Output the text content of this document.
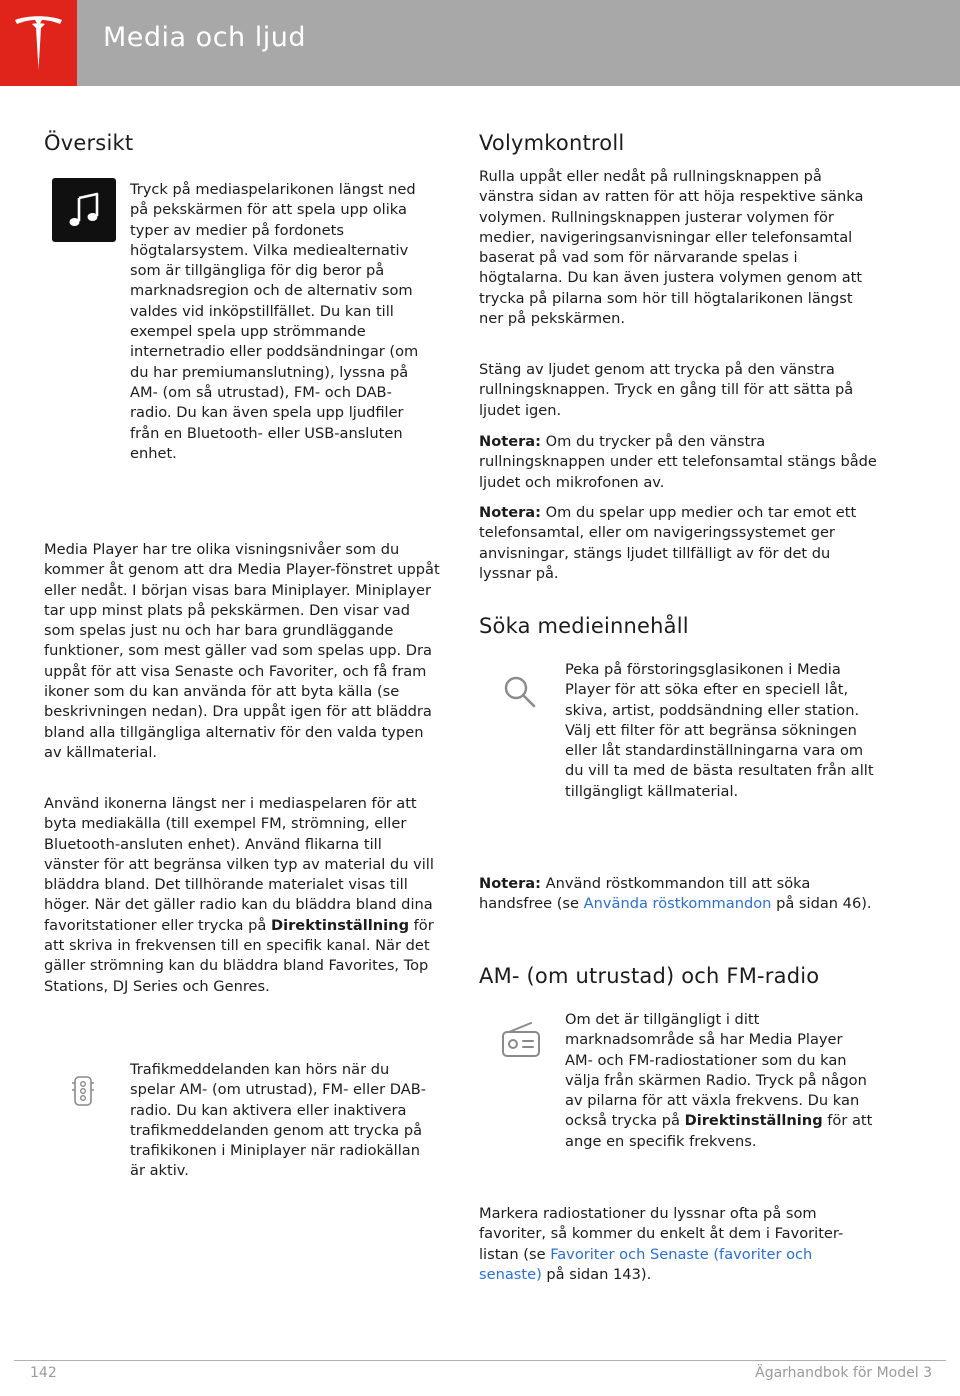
Media och ljud
Översikt

Tryck på mediaspelarikonen längst ned på pekskärmen för att spela upp olika typer av medier på fordonets högtalarsystem. Vilka mediealternativ som är tillgängliga för dig beror på marknadsregion och de alternativ som valdes vid inköpstillfället. Du kan till exempel spela upp strömmande internetradio eller poddsändningar (om du har premiumanslutning), lyssna på AM- (om så utrustad), FM- och DAB-radio. Du kan även spela upp ljudfiler från en Bluetooth- eller USB-ansluten enhet.

Media Player har tre olika visningsnivåer som du kommer åt genom att dra Media Player-fönstret uppåt eller nedåt. I början visas bara Miniplayer. Miniplayer tar upp minst plats på pekskärmen. Den visar vad som spelas just nu och har bara grundläggande funktioner, som mest gäller vad som spelas upp. Dra uppåt för att visa Senaste och Favoriter, och få fram ikoner som du kan använda för att byta källa (se beskrivningen nedan). Dra uppåt igen för att bläddra bland alla tillgängliga alternativ för den valda typen av källmaterial.

Använd ikonerna längst ner i mediaspelaren för att byta mediakälla (till exempel FM, strömning, eller Bluetooth-ansluten enhet). Använd flikarna till vänster för att begränsa vilken typ av material du vill bläddra bland. Det tillhörande materialet visas till höger. När det gäller radio kan du bläddra bland dina favoritstationer eller trycka på Direktinställning för att skriva in frekvensen till en specifik kanal. När det gäller strömning kan du bläddra bland Favorites, Top Stations, DJ Series och Genres.

Trafikmeddelanden kan hörs när du spelar AM- (om utrustad), FM- eller DAB-radio. Du kan aktivera eller inaktivera trafikmeddelanden genom att trycka på trafikikonen i Miniplayer när radiokällan är aktiv.

Volymkontroll

Rulla uppåt eller nedåt på rullningsknappen på vänstra sidan av ratten för att höja respektive sänka volymen. Rullningsknappen justerar volymen för medier, navigeringsanvisningar eller telefonsamtal baserat på vad som för närvarande spelas i högtalarna. Du kan även justera volymen genom att trycka på pilarna som hör till högtalarikonen längst ner på pekskärmen.

Stäng av ljudet genom att trycka på den vänstra rullningsknappen. Tryck en gång till för att sätta på ljudet igen.

Notera: Om du trycker på den vänstra rullningsknappen under ett telefonsamtal stängs både ljudet och mikrofonen av.

Notera: Om du spelar upp medier och tar emot ett telefonsamtal, eller om navigeringssystemet ger anvisningar, stängs ljudet tillfälligt av för det du lyssnar på.

Söka medieinnehåll

Peka på förstoringsglasikonen i Media Player för att söka efter en speciell låt, skiva, artist, poddsändning eller station. Välj ett filter för att begränsa sökningen eller låt standardinställningarna vara om du vill ta med de bästa resultaten från allt tillgängligt källmaterial.

Notera: Använd röstkommandon till att söka handsfree (se Använda röstkommandon på sidan 46).

AM- (om utrustad) och FM-radio

Om det är tillgängligt i ditt marknadsområde så har Media Player AM- och FM-radiostationer som du kan välja från skärmen Radio. Tryck på någon av pilarna för att växla frekvens. Du kan också trycka på Direktinställning för att ange en specifik frekvens.

Markera radiostationer du lyssnar ofta på som favoriter, så kommer du enkelt åt dem i Favoriter-listan (se Favoriter och Senaste (favoriter och senaste) på sidan 143).

142	Ägarhandbok för Model 3
